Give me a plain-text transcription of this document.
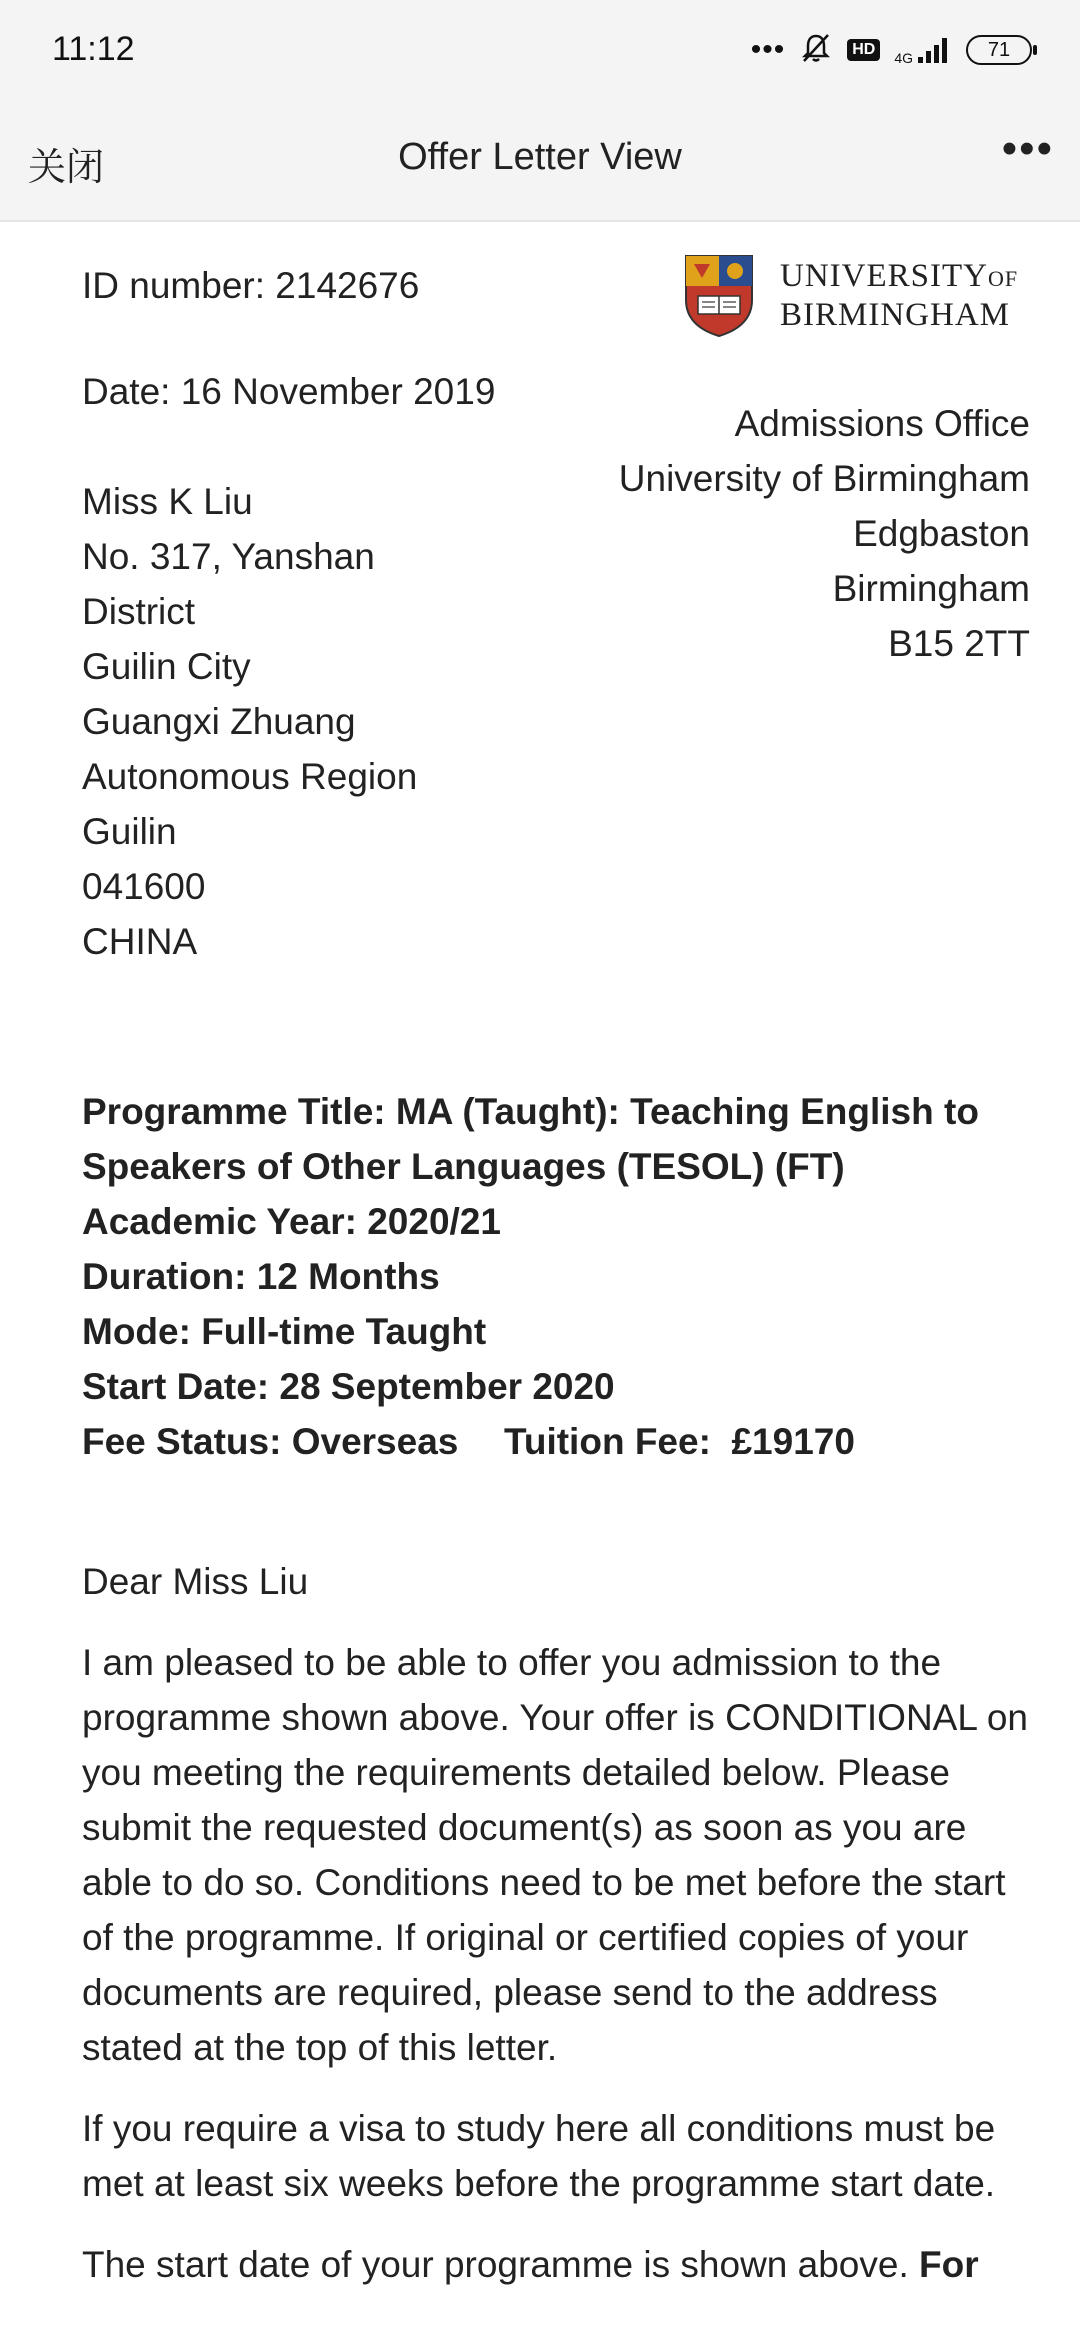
11:12	•••	HD	4G	71
关闭	Offer Letter View	•••
ID number: 2142676
Date: 16 November 2019
Miss K Liu
No. 317, Yanshan
District
Guilin City
Guangxi Zhuang
Autonomous Region
Guilin
041600
CHINA
UNIVERSITYOF
BIRMINGHAM
Admissions Office
University of Birmingham
Edgbaston
Birmingham
B15 2TT
Programme Title: MA (Taught): Teaching English to Speakers of Other Languages (TESOL) (FT)
Academic Year: 2020/21
Duration: 12 Months
Mode: Full-time Taught
Start Date: 28 September 2020
Fee Status: Overseas	Tuition Fee:  £19170
Dear Miss Liu
I am pleased to be able to offer you admission to the programme shown above. Your offer is CONDITIONAL on you meeting the requirements detailed below. Please submit the requested document(s) as soon as you are able to do so. Conditions need to be met before the start of the programme. If original or certified copies of your documents are required, please send to the address stated at the top of this letter.
If you require a visa to study here all conditions must be met at least six weeks before the programme start date.
The start date of your programme is shown above. For
